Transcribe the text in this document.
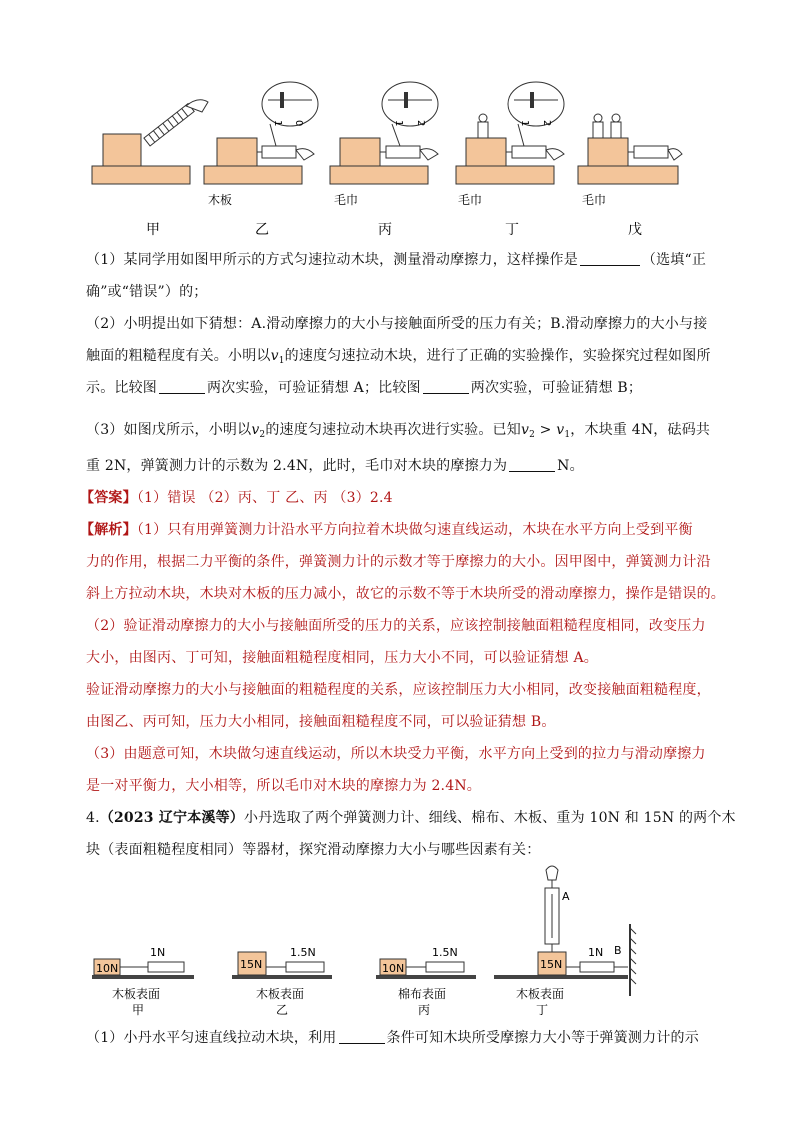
1 0	1 2	1 2
木板	毛巾	毛巾	毛巾
甲	乙	丙	丁	戊
（1）某同学用如图甲所示的方式匀速拉动木块，测量滑动摩擦力，这样操作是	（选填“正
确”或“错误”）的；
（2）小明提出如下猜想：A.滑动摩擦力的大小与接触面所受的压力有关；B.滑动摩擦力的大小与接
触面的粗糙程度有关。小明以$v_1$的速度匀速拉动木块，进行了正确的实验操作，实验探究过程如图所
示。比较图	两次实验，可验证猜想 A；比较图	两次实验，可验证猜想 B；
（3）如图戊所示，小明以$v_2$的速度匀速拉动木块再次进行实验。已知$v_2 > v_1$，木块重 4N，砝码共
重 2N，弹簧测力计的示数为 2.4N，此时，毛巾对木块的摩擦力为	N。
【答案】（1）错误 （2）丙、丁 乙、丙 （3）2.4
【解析】（1）只有用弹簧测力计沿水平方向拉着木块做匀速直线运动，木块在水平方向上受到平衡
力的作用，根据二力平衡的条件，弹簧测力计的示数才等于摩擦力的大小。因甲图中，弹簧测力计沿
斜上方拉动木块，木块对木板的压力减小，故它的示数不等于木块所受的滑动摩擦力，操作是错误的。
（2）验证滑动摩擦力的大小与接触面所受的压力的关系，应该控制接触面粗糙程度相同，改变压力
大小，由图丙、丁可知，接触面粗糙程度相同，压力大小不同，可以验证猜想 A。
验证滑动摩擦力的大小与接触面的粗糙程度的关系，应该控制压力大小相同，改变接触面粗糙程度，
由图乙、丙可知，压力大小相同，接触面粗糙程度不同，可以验证猜想 B。
（3）由题意可知，木块做匀速直线运动，所以木块受力平衡，水平方向上受到的拉力与滑动摩擦力
是一对平衡力，大小相等，所以毛巾对木块的摩擦力为 2.4N。
4.（2023 辽宁本溪等）小丹选取了两个弹簧测力计、细线、棉布、木板、重为 10N 和 15N 的两个木
块（表面粗糙程度相同）等器材，探究滑动摩擦力大小与哪些因素有关：
10N	15N	10N	15N
1N	1.5N	1.5N	1N
A
B
木板表面	木板表面	棉布表面	木板表面
甲	乙	丙	丁
（1）小丹水平匀速直线拉动木块，利用	条件可知木块所受摩擦力大小等于弹簧测力计的示
